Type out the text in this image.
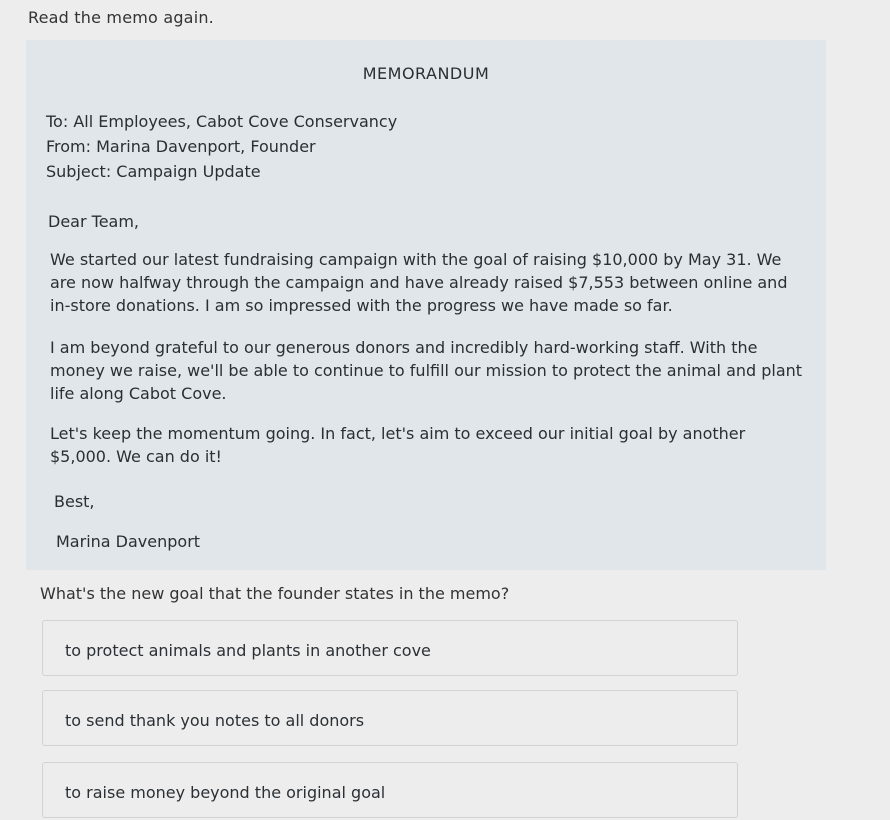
Read the memo again.
MEMORANDUM
To: All Employees, Cabot Cove Conservancy
From: Marina Davenport, Founder
Subject: Campaign Update
Dear Team,
We started our latest fundraising campaign with the goal of raising $10,000 by May 31. We are now halfway through the campaign and have already raised $7,553 between online and in-store donations. I am so impressed with the progress we have made so far.
I am beyond grateful to our generous donors and incredibly hard-working staff. With the money we raise, we'll be able to continue to fulfill our mission to protect the animal and plant life along Cabot Cove.
Let's keep the momentum going. In fact, let's aim to exceed our initial goal by another $5,000. We can do it!
Best,
Marina Davenport
What's the new goal that the founder states in the memo?
to protect animals and plants in another cove
to send thank you notes to all donors
to raise money beyond the original goal
